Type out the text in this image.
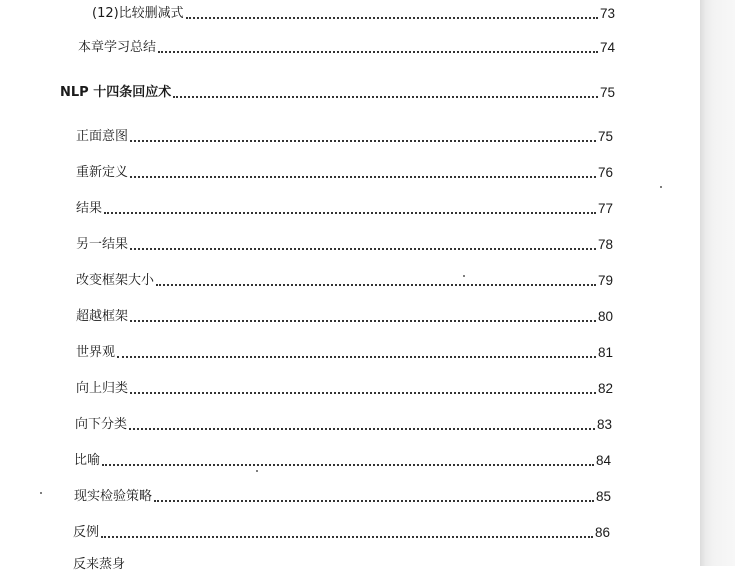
(12)比较删减式	73
本章学习总结	74
NLP 十四条回应术	75
正面意图	75
重新定义	76
结果	77
另一结果	78
改变框架大小	79
超越框架	80
世界观	81
向上归类	82
向下分类	83
比喻	84
现实检验策略	85
反例	86
反来蒸身
